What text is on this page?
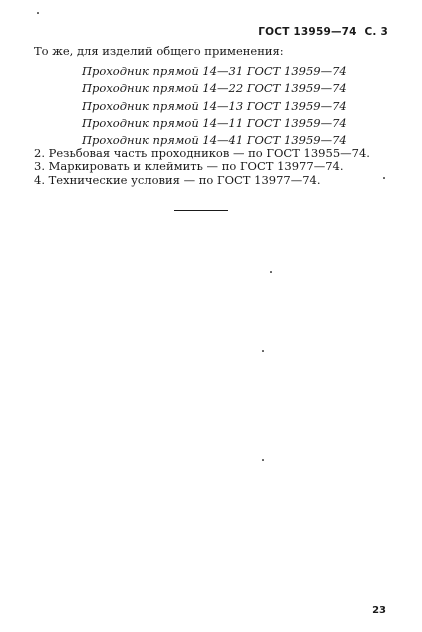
ГОСТ 13959—74 С. 3
То же, для изделий общего применения:
Проходник прямой 14—31 ГОСТ 13959—74
Проходник прямой 14—22 ГОСТ 13959—74
Проходник прямой 14—13 ГОСТ 13959—74
Проходник прямой 14—11 ГОСТ 13959—74
Проходник прямой 14—41 ГОСТ 13959—74
2. Резьбовая часть проходников — по ГОСТ 13955—74.
3. Маркировать и клеймить — по ГОСТ 13977—74.
4. Технические условия — по ГОСТ 13977—74.
23
